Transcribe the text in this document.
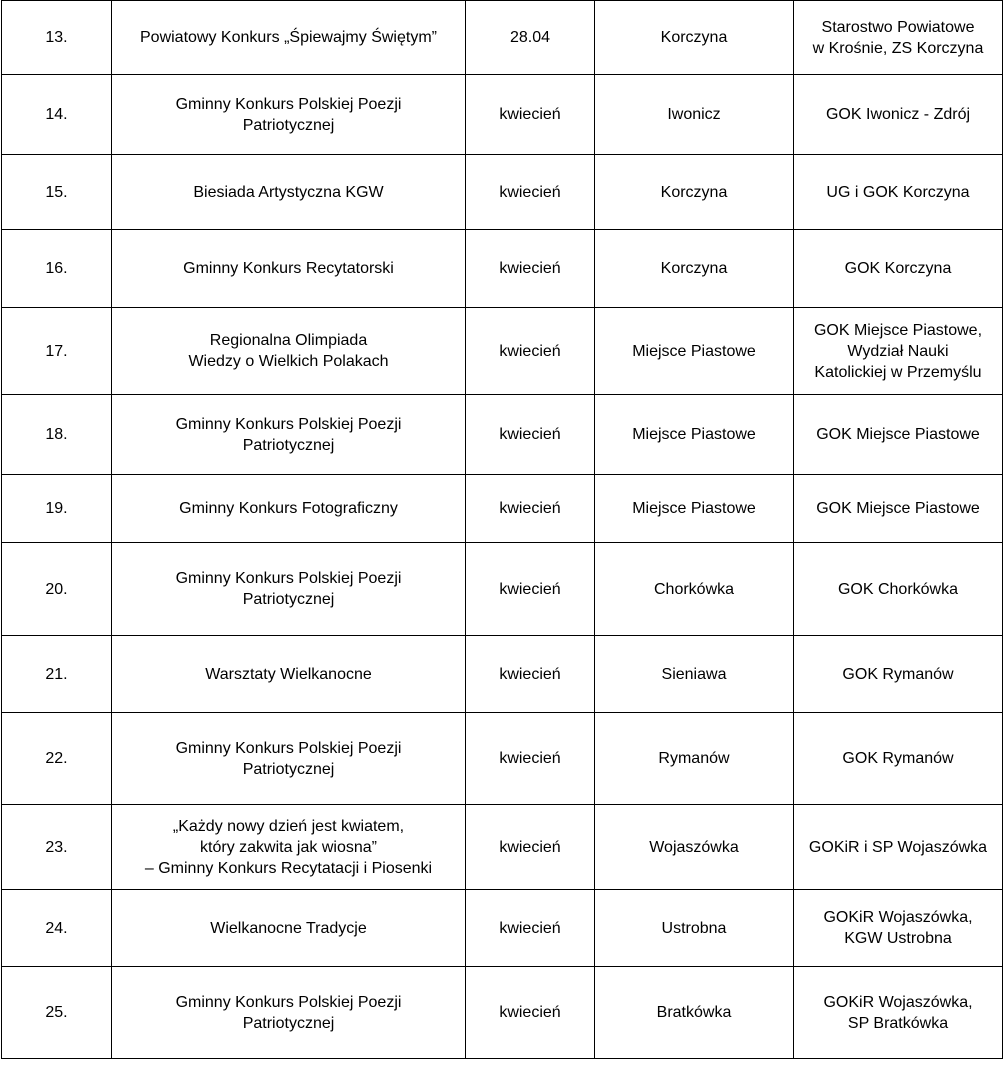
13.	Powiatowy Konkurs „Śpiewajmy Świętym”	28.04	Korczyna	Starostwo Powiatowe
w Krośnie, ZS Korczyna

14.	Gminny Konkurs Polskiej Poezji
Patriotycznej	kwiecień	Iwonicz	GOK Iwonicz - Zdrój

15.	Biesiada Artystyczna KGW	kwiecień	Korczyna	UG i GOK Korczyna

16.	Gminny Konkurs Recytatorski	kwiecień	Korczyna	GOK Korczyna

17.	Regionalna Olimpiada
Wiedzy o Wielkich Polakach	kwiecień	Miejsce Piastowe	GOK Miejsce Piastowe,
Wydział Nauki
Katolickiej w Przemyślu

18.	Gminny Konkurs Polskiej Poezji
Patriotycznej	kwiecień	Miejsce Piastowe	GOK Miejsce Piastowe

19.	Gminny Konkurs Fotograficzny	kwiecień	Miejsce Piastowe	GOK Miejsce Piastowe

20.	Gminny Konkurs Polskiej Poezji
Patriotycznej	kwiecień	Chorkówka	GOK Chorkówka

21.	Warsztaty Wielkanocne	kwiecień	Sieniawa	GOK Rymanów

22.	Gminny Konkurs Polskiej Poezji
Patriotycznej	kwiecień	Rymanów	GOK Rymanów

23.	„Każdy nowy dzień jest kwiatem,
który zakwita jak wiosna”
– Gminny Konkurs Recytatacji i Piosenki	kwiecień	Wojaszówka	GOKiR i SP Wojaszówka

24.	Wielkanocne Tradycje	kwiecień	Ustrobna	GOKiR Wojaszówka,
KGW Ustrobna

25.	Gminny Konkurs Polskiej Poezji
Patriotycznej	kwiecień	Bratkówka	GOKiR Wojaszówka,
SP Bratkówka
